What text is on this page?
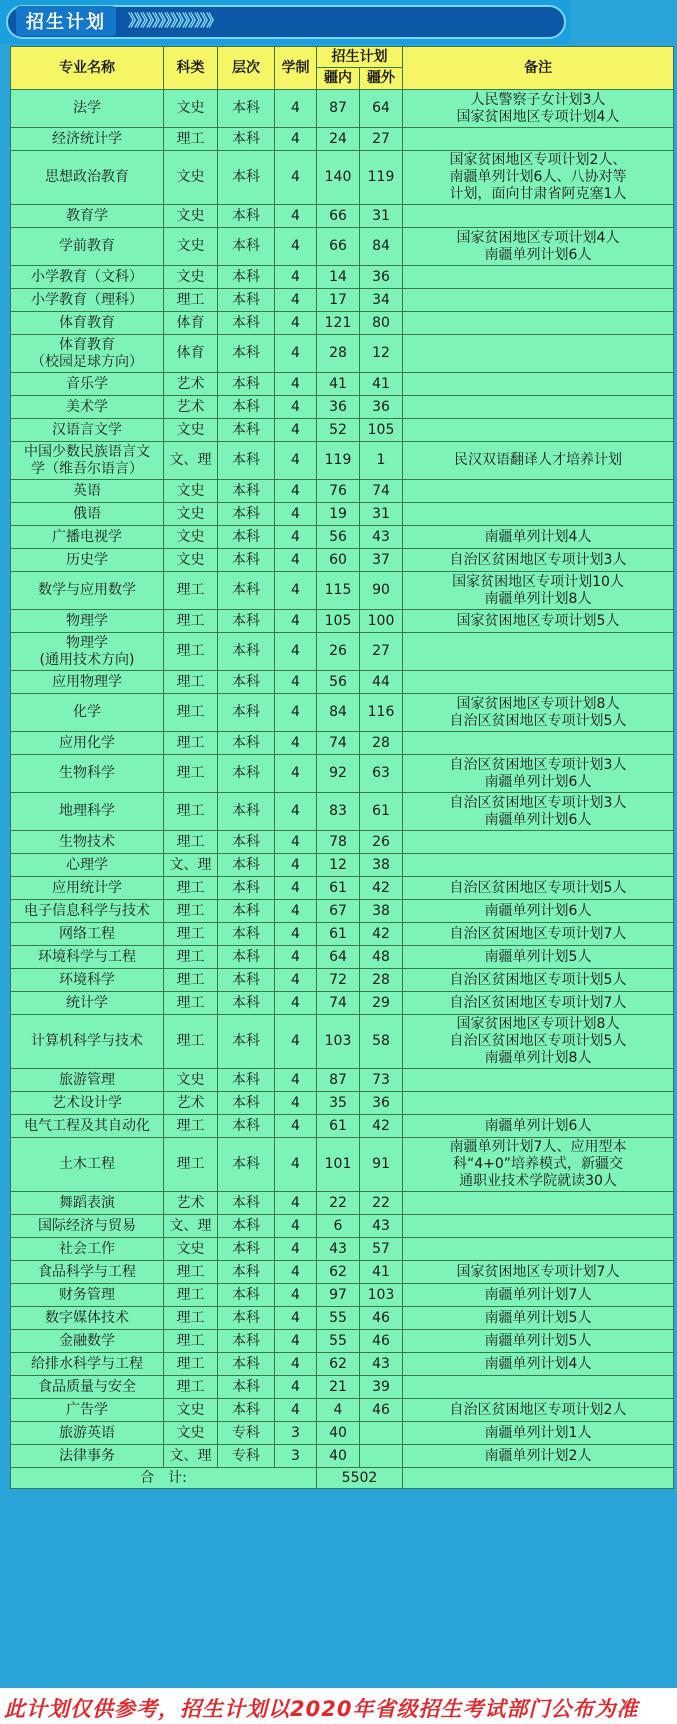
招生计划	》》》》》》》》》》》》》》
专业名称	科类	层次	学制	招生计划		备注
				疆内	疆外	
法学	文史	本科	4	87	64	人民警察子女计划3人
国家贫困地区专项计划4人
经济统计学	理工	本科	4	24	27	
思想政治教育	文史	本科	4	140	119	国家贫困地区专项计划2人、
南疆单列计划6人、八协对等
计划，面向甘肃省阿克塞1人
教育学	文史	本科	4	66	31	
学前教育	文史	本科	4	66	84	国家贫困地区专项计划4人
南疆单列计划6人
小学教育（文科）	文史	本科	4	14	36	
小学教育（理科）	理工	本科	4	17	34	
体育教育	体育	本科	4	121	80	
体育教育
（校园足球方向）	体育	本科	4	28	12	
音乐学	艺术	本科	4	41	41	
美术学	艺术	本科	4	36	36	
汉语言文学	文史	本科	4	52	105	
中国少数民族语言文
学（维吾尔语言）	文、理	本科	4	119	1	民汉双语翻译人才培养计划
英语	文史	本科	4	76	74	
俄语	文史	本科	4	19	31	
广播电视学	文史	本科	4	56	43	南疆单列计划4人
历史学	文史	本科	4	60	37	自治区贫困地区专项计划3人
数学与应用数学	理工	本科	4	115	90	国家贫困地区专项计划10人
南疆单列计划8人
物理学	理工	本科	4	105	100	国家贫困地区专项计划5人
物理学
(通用技术方向)	理工	本科	4	26	27	
应用物理学	理工	本科	4	56	44	
化学	理工	本科	4	84	116	国家贫困地区专项计划8人
自治区贫困地区专项计划5人
应用化学	理工	本科	4	74	28	
生物科学	理工	本科	4	92	63	自治区贫困地区专项计划3人
南疆单列计划6人
地理科学	理工	本科	4	83	61	自治区贫困地区专项计划3人
南疆单列计划6人
生物技术	理工	本科	4	78	26	
心理学	文、理	本科	4	12	38	
应用统计学	理工	本科	4	61	42	自治区贫困地区专项计划5人
电子信息科学与技术	理工	本科	4	67	38	南疆单列计划6人
网络工程	理工	本科	4	61	42	自治区贫困地区专项计划7人
环境科学与工程	理工	本科	4	64	48	南疆单列计划5人
环境科学	理工	本科	4	72	28	自治区贫困地区专项计划5人
统计学	理工	本科	4	74	29	自治区贫困地区专项计划7人
计算机科学与技术	理工	本科	4	103	58	国家贫困地区专项计划8人
自治区贫困地区专项计划5人
南疆单列计划8人
旅游管理	文史	本科	4	87	73	
艺术设计学	艺术	本科	4	35	36	
电气工程及其自动化	理工	本科	4	61	42	南疆单列计划6人
土木工程	理工	本科	4	101	91	南疆单列计划7人、应用型本
科“4+0”培养模式，新疆交
通职业技术学院就读30人
舞蹈表演	艺术	本科	4	22	22	
国际经济与贸易	文、理	本科	4	6	43	
社会工作	文史	本科	4	43	57	
食品科学与工程	理工	本科	4	62	41	国家贫困地区专项计划7人
财务管理	理工	本科	4	97	103	南疆单列计划7人
数字媒体技术	理工	本科	4	55	46	南疆单列计划5人
金融数学	理工	本科	4	55	46	南疆单列计划5人
给排水科学与工程	理工	本科	4	62	43	南疆单列计划4人
食品质量与安全	理工	本科	4	21	39	
广告学	文史	本科	4	4	46	自治区贫困地区专项计划2人
旅游英语	文史	专科	3	40		南疆单列计划1人
法律事务	文、理	专科	3	40		南疆单列计划2人
合　计:				5502		
此计划仅供参考，招生计划以2020年省级招生考试部门公布为准
